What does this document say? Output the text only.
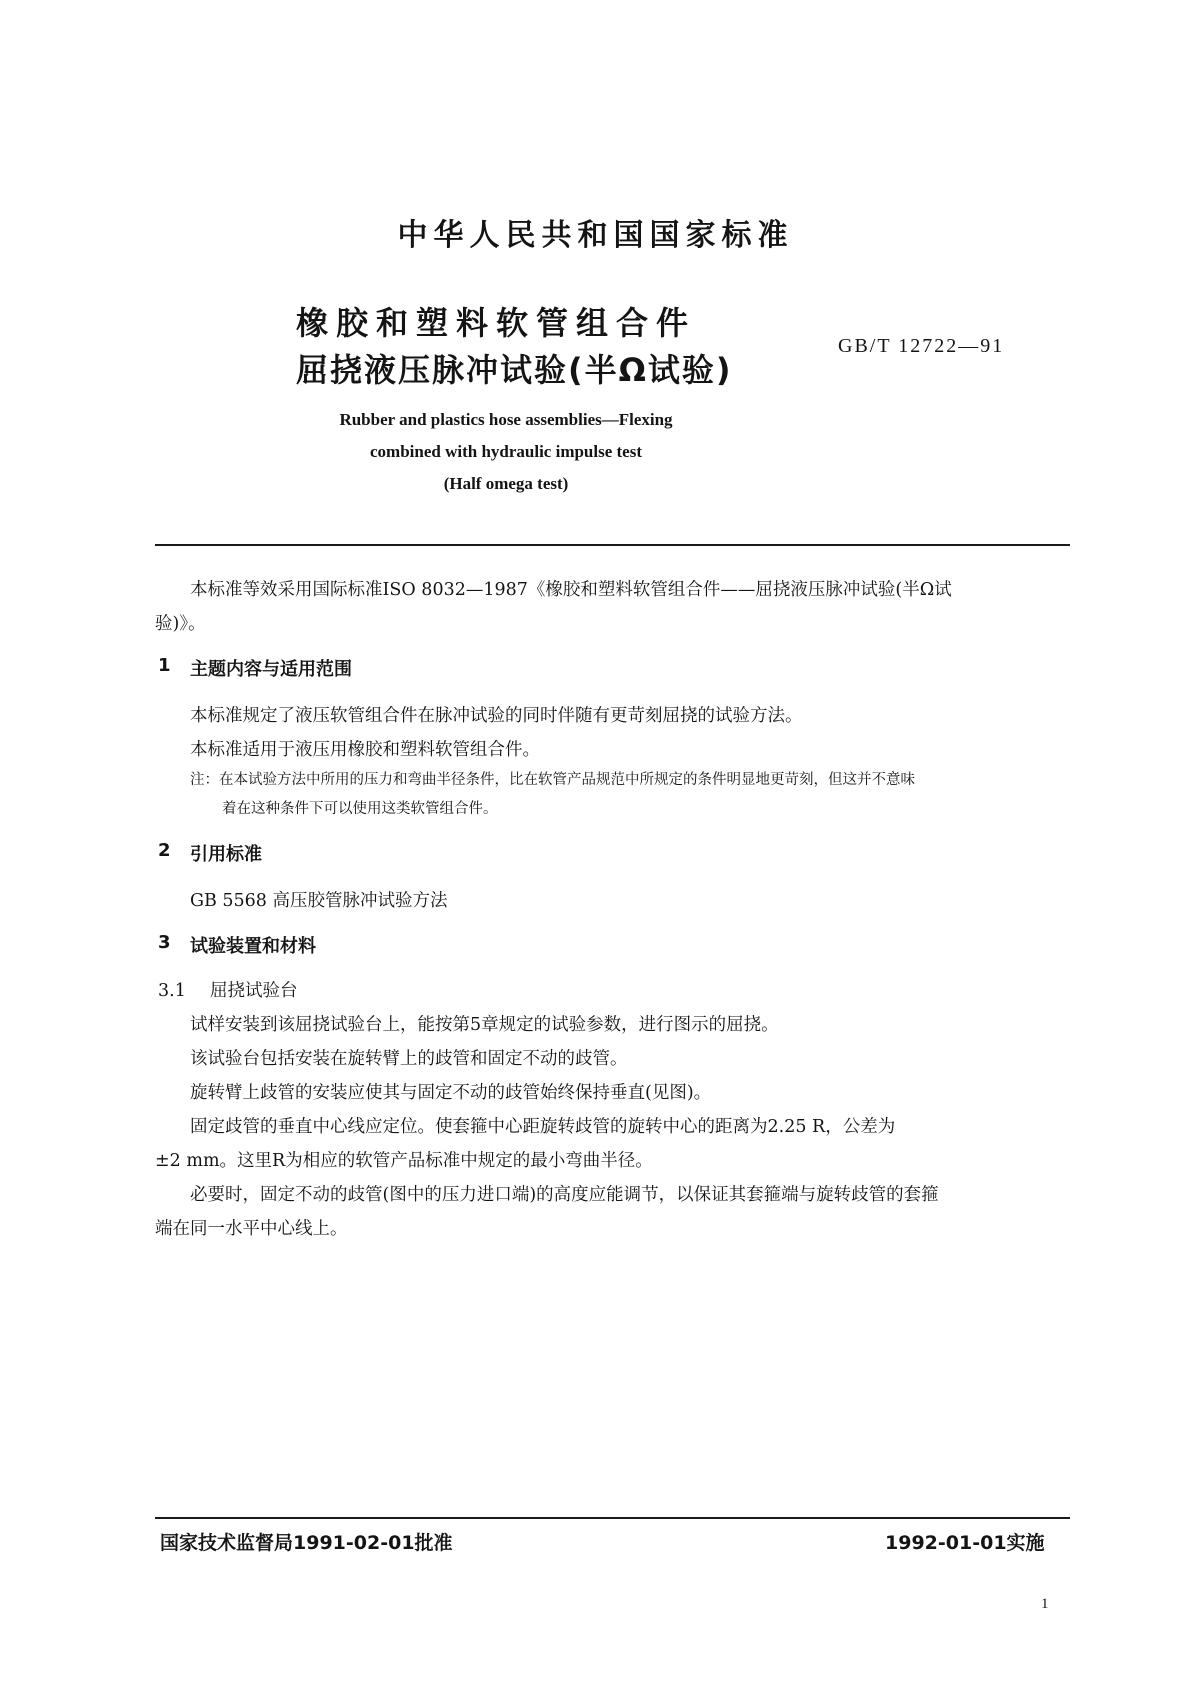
中华人民共和国国家标准
橡胶和塑料软管组合件
屈挠液压脉冲试验(半Ω试验)
GB/T 12722—91
Rubber and plastics hose assemblies—Flexing
combined with hydraulic impulse test
(Half omega test)
本标准等效采用国际标准ISO 8032—1987《橡胶和塑料软管组合件——屈挠液压脉冲试验(半Ω试
验)》。
1 主题内容与适用范围
本标准规定了液压软管组合件在脉冲试验的同时伴随有更苛刻屈挠的试验方法。
本标准适用于液压用橡胶和塑料软管组合件。
注：在本试验方法中所用的压力和弯曲半径条件，比在软管产品规范中所规定的条件明显地更苛刻，但这并不意味
着在这种条件下可以使用这类软管组合件。
2 引用标准
GB 5568 高压胶管脉冲试验方法
3 试验装置和材料
3.1 屈挠试验台
试样安装到该屈挠试验台上，能按第5章规定的试验参数，进行图示的屈挠。
该试验台包括安装在旋转臂上的歧管和固定不动的歧管。
旋转臂上歧管的安装应使其与固定不动的歧管始终保持垂直(见图)。
固定歧管的垂直中心线应定位。使套箍中心距旋转歧管的旋转中心的距离为2.25 R，公差为
±2 mm。这里R为相应的软管产品标准中规定的最小弯曲半径。
必要时，固定不动的歧管(图中的压力进口端)的高度应能调节，以保证其套箍端与旋转歧管的套箍
端在同一水平中心线上。
国家技术监督局1991-02-01批准	1992-01-01实施
1
